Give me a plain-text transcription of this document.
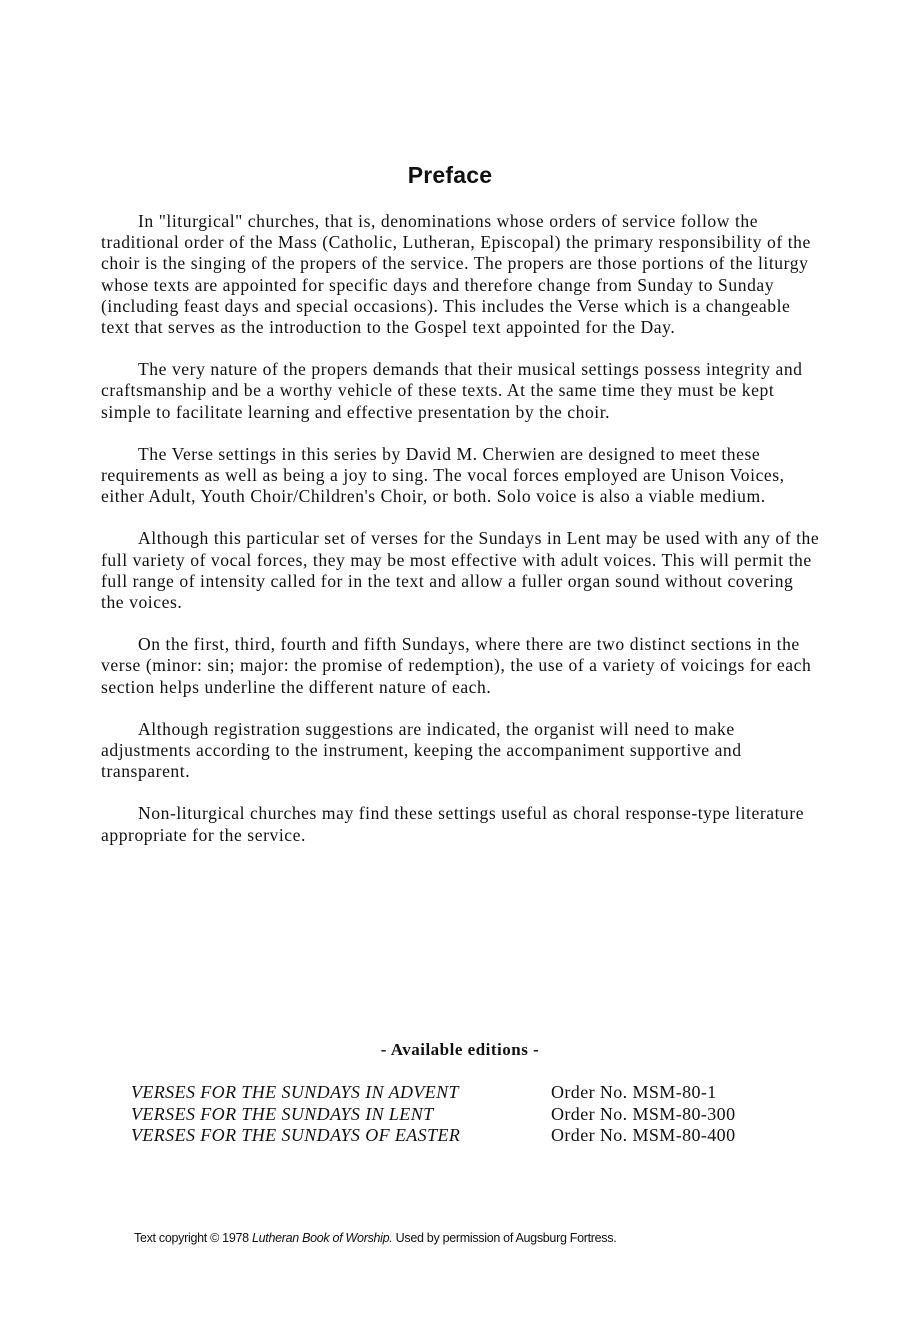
Preface

In "liturgical" churches, that is, denominations whose orders of service follow the traditional order of the Mass (Catholic, Lutheran, Episcopal) the primary responsibility of the choir is the singing of the propers of the service. The propers are those portions of the liturgy whose texts are appointed for specific days and therefore change from Sunday to Sunday (including feast days and special occasions). This includes the Verse which is a changeable text that serves as the introduction to the Gospel text appointed for the Day.

The very nature of the propers demands that their musical settings possess integrity and craftsmanship and be a worthy vehicle of these texts. At the same time they must be kept simple to facilitate learning and effective presentation by the choir.

The Verse settings in this series by David M. Cherwien are designed to meet these requirements as well as being a joy to sing. The vocal forces employed are Unison Voices, either Adult, Youth Choir/Children's Choir, or both. Solo voice is also a viable medium.

Although this particular set of verses for the Sundays in Lent may be used with any of the full variety of vocal forces, they may be most effective with adult voices. This will permit the full range of intensity called for in the text and allow a fuller organ sound without covering the voices.

On the first, third, fourth and fifth Sundays, where there are two distinct sections in the verse (minor: sin; major: the promise of redemption), the use of a variety of voicings for each section helps underline the different nature of each.

Although registration suggestions are indicated, the organist will need to make adjustments according to the instrument, keeping the accompaniment supportive and transparent.

Non-liturgical churches may find these settings useful as choral response-type literature appropriate for the service.

- Available editions -
VERSES FOR THE SUNDAYS IN ADVENT	Order No. MSM-80-1
VERSES FOR THE SUNDAYS IN LENT	Order No. MSM-80-300
VERSES FOR THE SUNDAYS OF EASTER	Order No. MSM-80-400
Text copyright © 1978 Lutheran Book of Worship. Used by permission of Augsburg Fortress.
